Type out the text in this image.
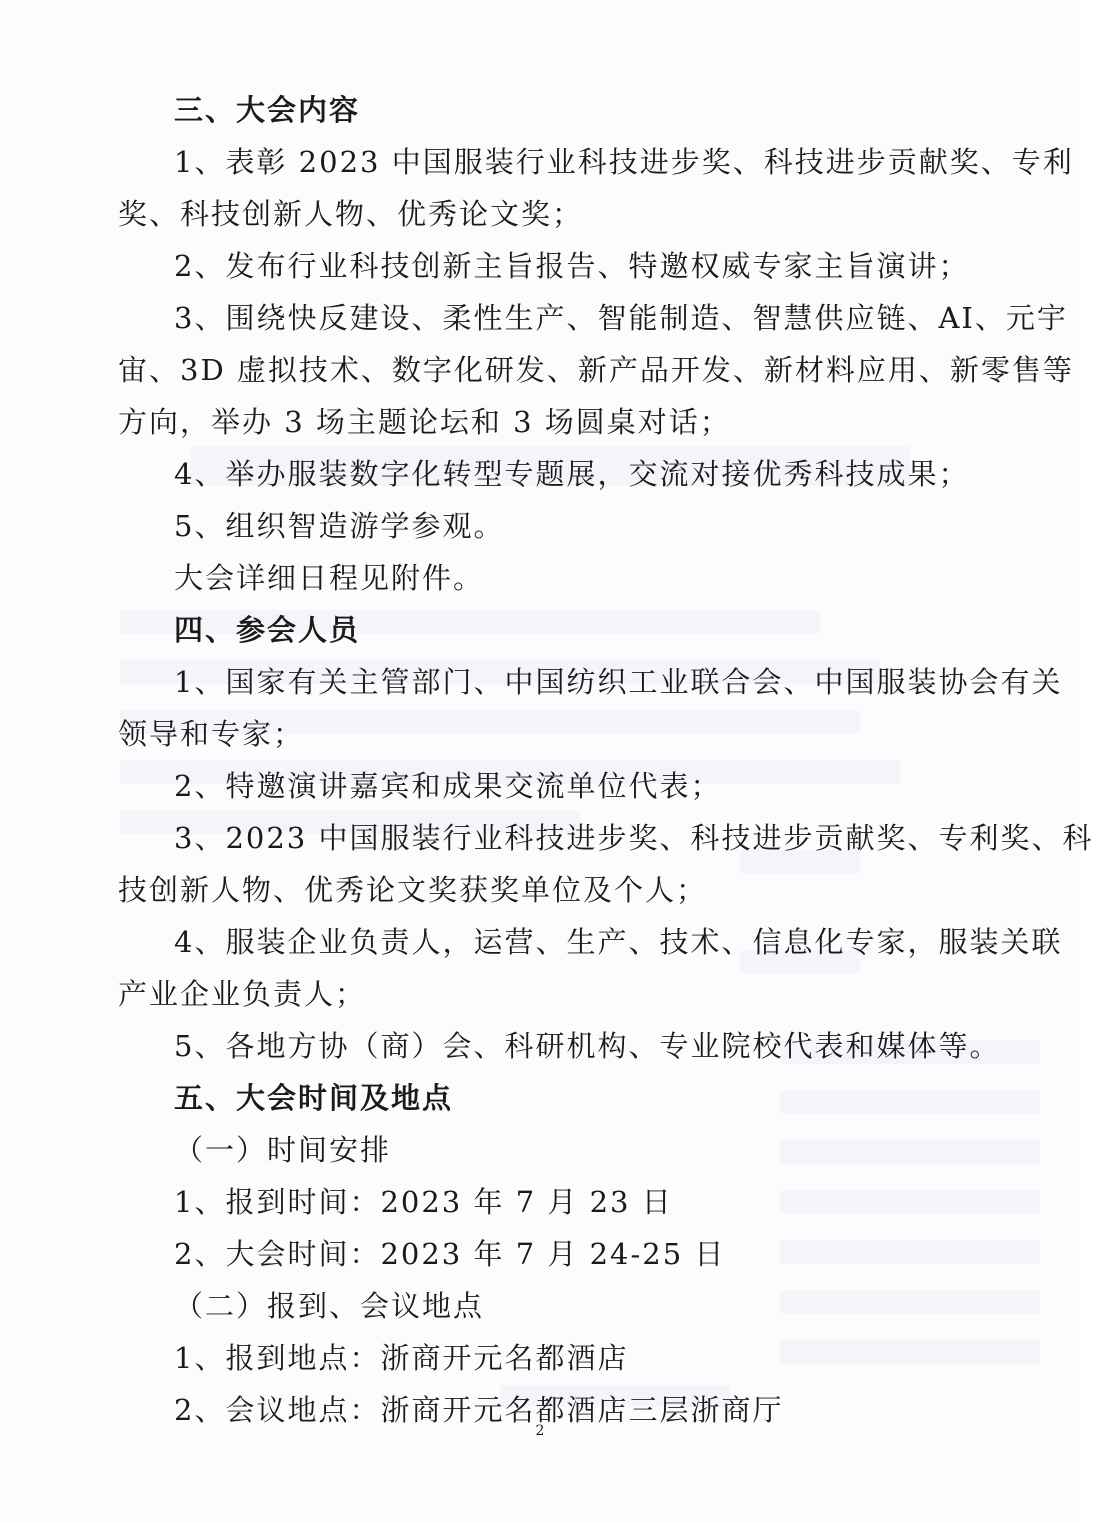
三、大会内容
1、表彰 2023 中国服装行业科技进步奖、科技进步贡献奖、专利
奖、科技创新人物、优秀论文奖；
2、发布行业科技创新主旨报告、特邀权威专家主旨演讲；
3、围绕快反建设、柔性生产、智能制造、智慧供应链、AI、元宇
宙、3D 虚拟技术、数字化研发、新产品开发、新材料应用、新零售等
方向，举办 3 场主题论坛和 3 场圆桌对话；
4、举办服装数字化转型专题展，交流对接优秀科技成果；
5、组织智造游学参观。
大会详细日程见附件。
四、参会人员
1、国家有关主管部门、中国纺织工业联合会、中国服装协会有关
领导和专家；
2、特邀演讲嘉宾和成果交流单位代表；
3、2023 中国服装行业科技进步奖、科技进步贡献奖、专利奖、科
技创新人物、优秀论文奖获奖单位及个人；
4、服装企业负责人，运营、生产、技术、信息化专家，服装关联
产业企业负责人；
5、各地方协（商）会、科研机构、专业院校代表和媒体等。
五、大会时间及地点
（一）时间安排
1、报到时间：2023 年 7 月 23 日
2、大会时间：2023 年 7 月 24-25 日
（二）报到、会议地点
1、报到地点：浙商开元名都酒店
2、会议地点：浙商开元名都酒店三层浙商厅
2
